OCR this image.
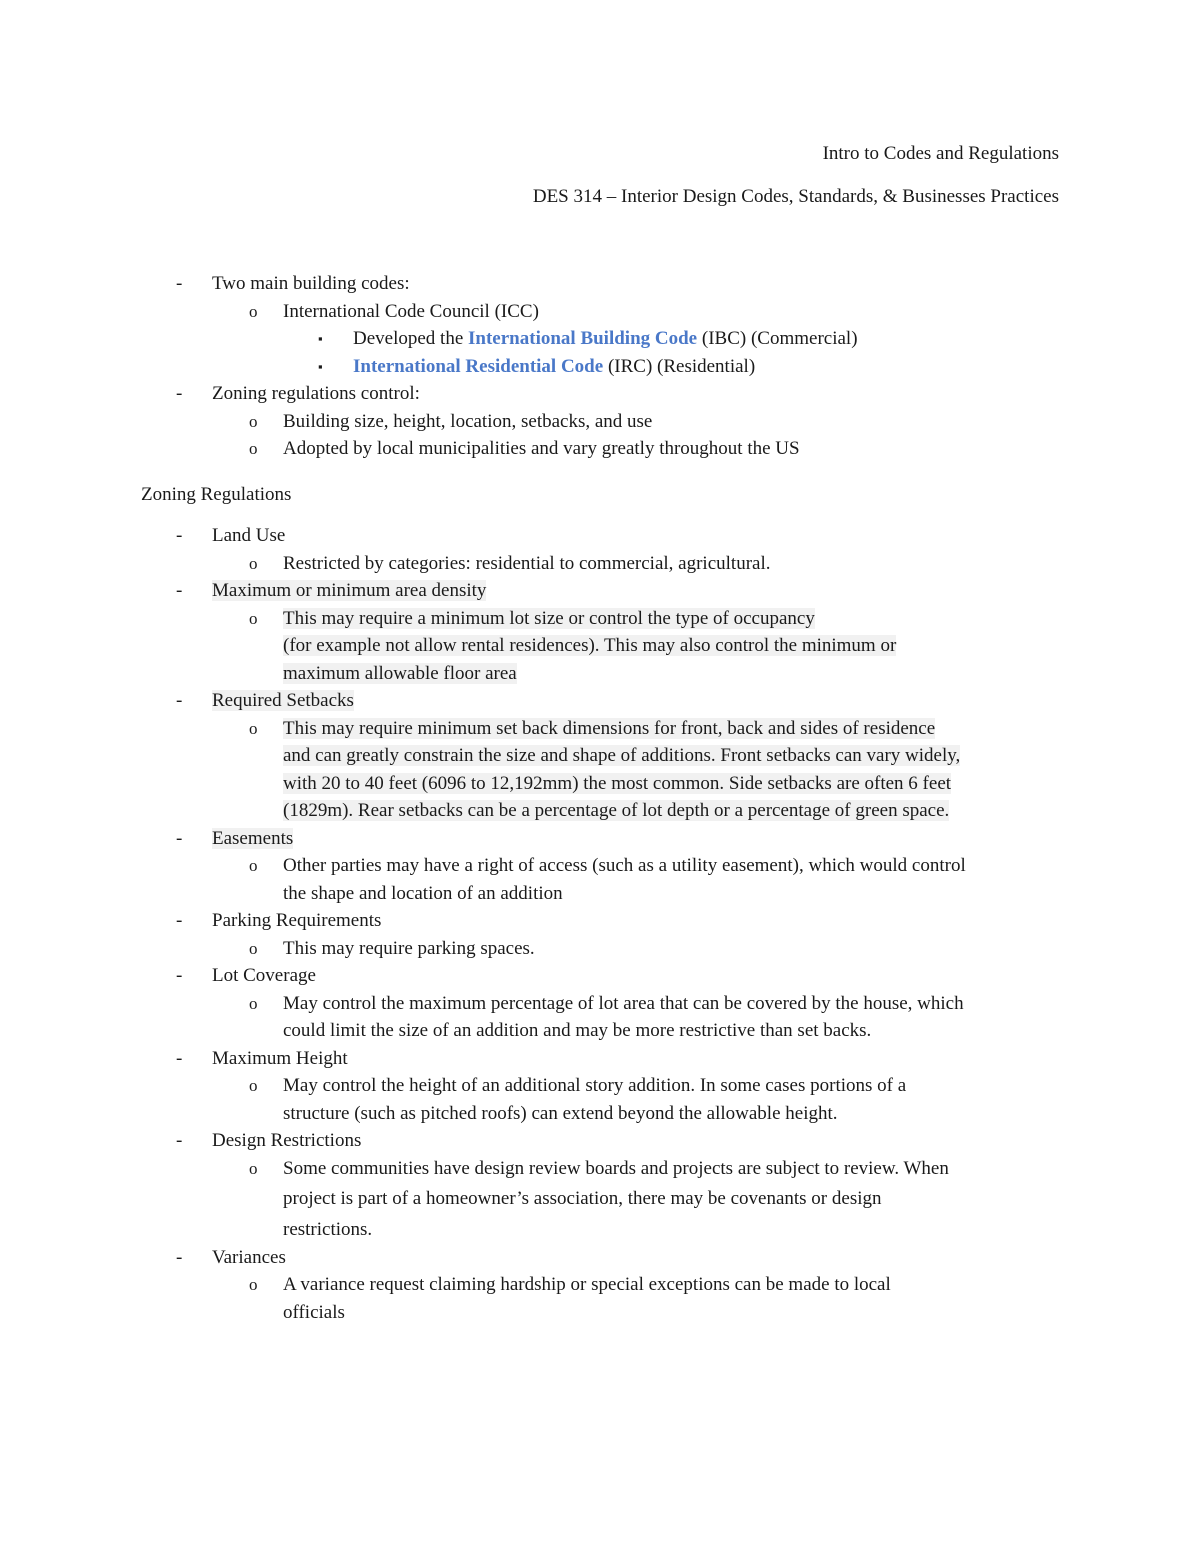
Intro to Codes and Regulations
DES 314 – Interior Design Codes, Standards, & Businesses Practices
- Two main building codes:
o International Code Council (ICC)
▪ Developed the International Building Code (IBC) (Commercial)
▪ International Residential Code (IRC) (Residential)
- Zoning regulations control:
o Building size, height, location, setbacks, and use
o Adopted by local municipalities and vary greatly throughout the US
Zoning Regulations
- Land Use
o Restricted by categories: residential to commercial, agricultural.
- Maximum or minimum area density
o This may require a minimum lot size or control the type of occupancy
(for example not allow rental residences). This may also control the minimum or
maximum allowable floor area
- Required Setbacks
o This may require minimum set back dimensions for front, back and sides of residence
and can greatly constrain the size and shape of additions. Front setbacks can vary widely,
with 20 to 40 feet (6096 to 12,192mm) the most common. Side setbacks are often 6 feet
(1829m). Rear setbacks can be a percentage of lot depth or a percentage of green space.
- Easements
o Other parties may have a right of access (such as a utility easement), which would control
the shape and location of an addition
- Parking Requirements
o This may require parking spaces.
- Lot Coverage
o May control the maximum percentage of lot area that can be covered by the house, which
could limit the size of an addition and may be more restrictive than set backs.
- Maximum Height
o May control the height of an additional story addition. In some cases portions of a
structure (such as pitched roofs) can extend beyond the allowable height.
- Design Restrictions
o Some communities have design review boards and projects are subject to review. When
project is part of a homeowner’s association, there may be covenants or design
restrictions.
- Variances
o A variance request claiming hardship or special exceptions can be made to local
officials
